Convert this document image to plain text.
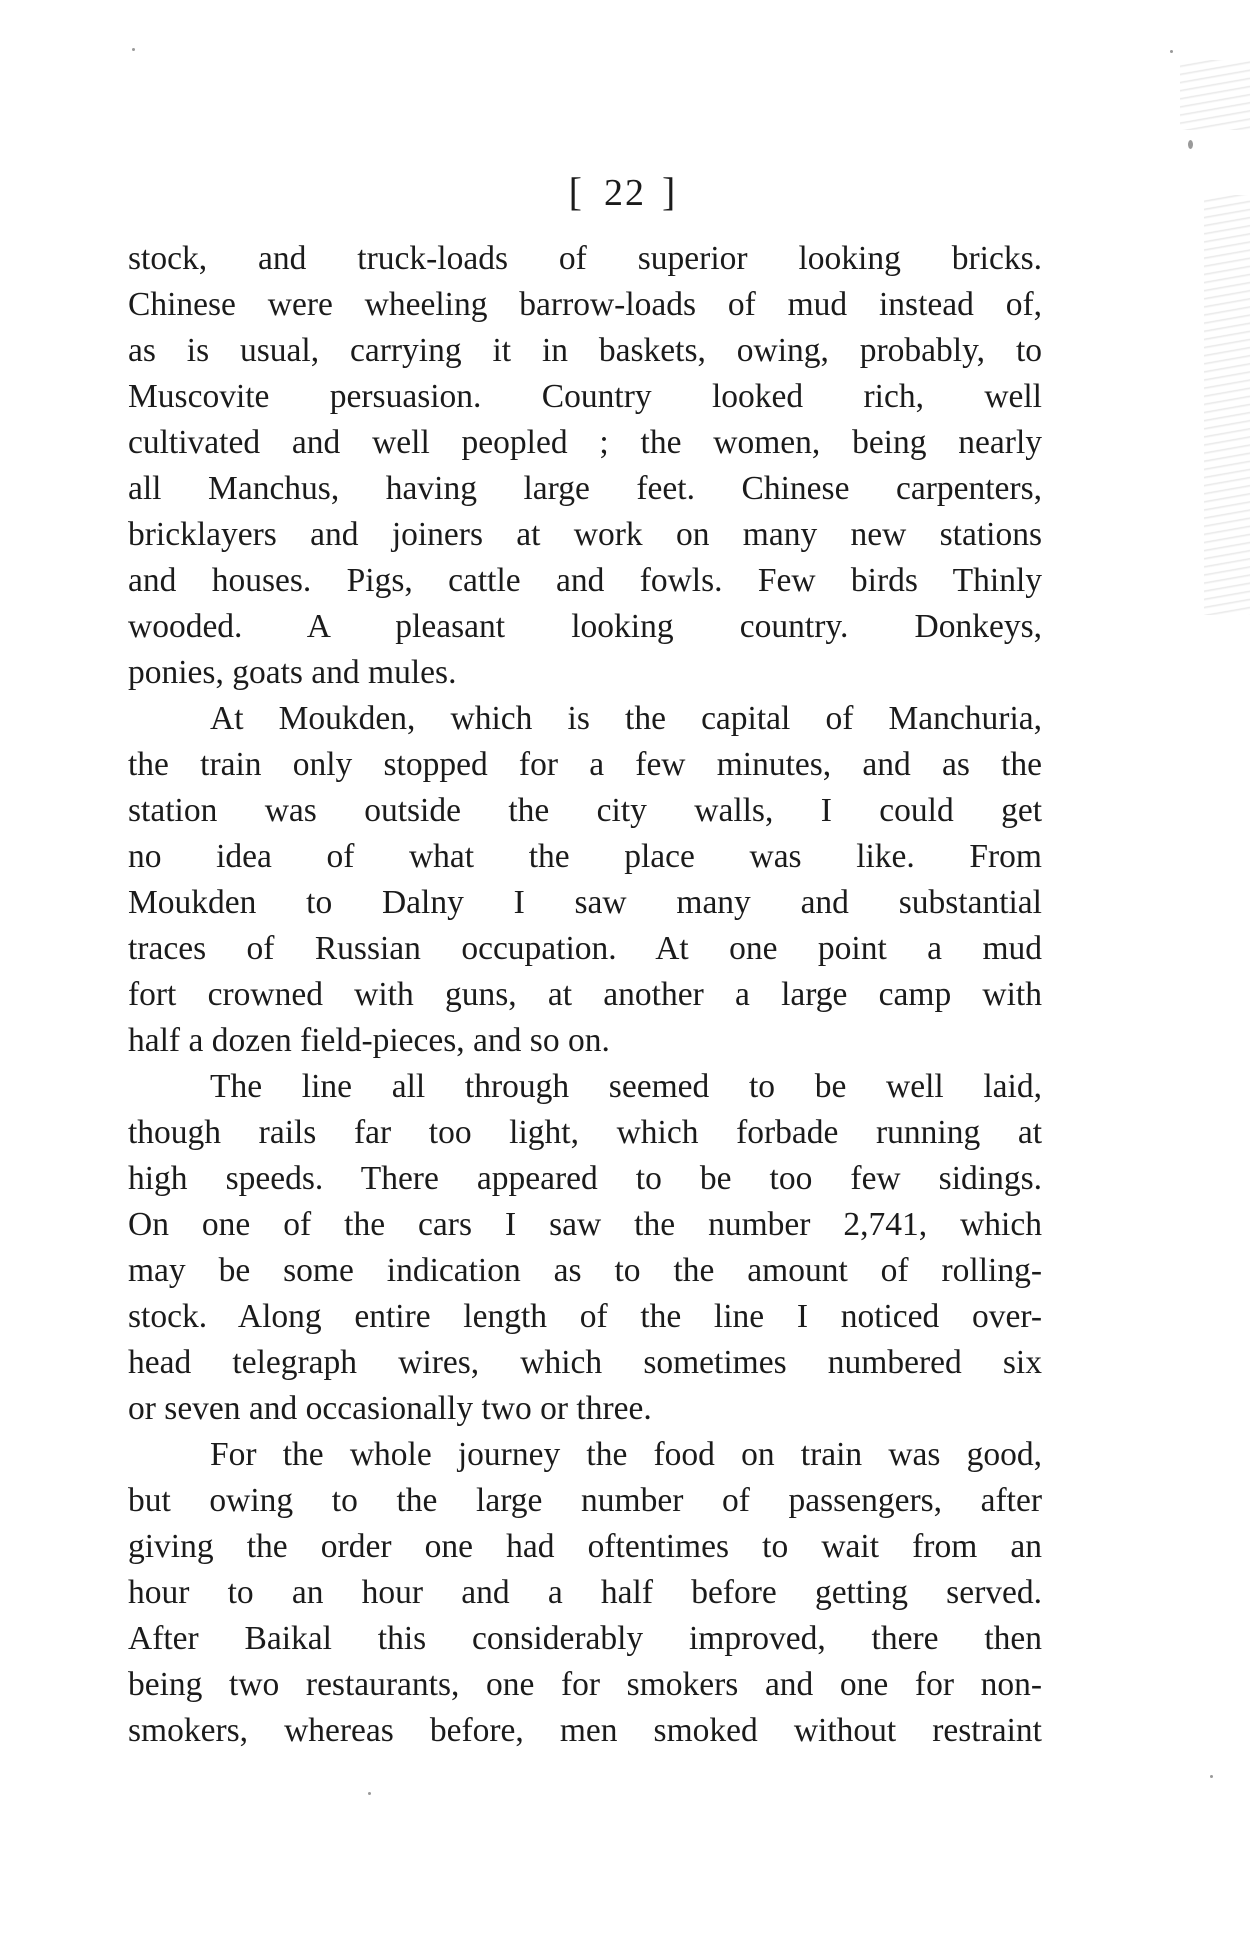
[ 22 ]
stock, and truck-loads of superior looking bricks.
Chinese were wheeling barrow-loads of mud instead of,
as is usual, carrying it in baskets, owing, probably, to
Muscovite persuasion. Country looked rich, well
cultivated and well peopled ; the women, being nearly
all Manchus, having large feet. Chinese carpenters,
bricklayers and joiners at work on many new stations
and houses. Pigs, cattle and fowls. Few birds Thinly
wooded. A pleasant looking country. Donkeys,
ponies, goats and mules.
At Moukden, which is the capital of Manchuria,
the train only stopped for a few minutes, and as the
station was outside the city walls, I could get
no idea of what the place was like. From
Moukden to Dalny I saw many and substantial
traces of Russian occupation. At one point a mud
fort crowned with guns, at another a large camp with
half a dozen field-pieces, and so on.
The line all through seemed to be well laid,
though rails far too light, which forbade running at
high speeds. There appeared to be too few sidings.
On one of the cars I saw the number 2,741, which
may be some indication as to the amount of rolling-
stock. Along entire length of the line I noticed over-
head telegraph wires, which sometimes numbered six
or seven and occasionally two or three.
For the whole journey the food on train was good,
but owing to the large number of passengers, after
giving the order one had oftentimes to wait from an
hour to an hour and a half before getting served.
After Baikal this considerably improved, there then
being two restaurants, one for smokers and one for non-
smokers, whereas before, men smoked without restraint
